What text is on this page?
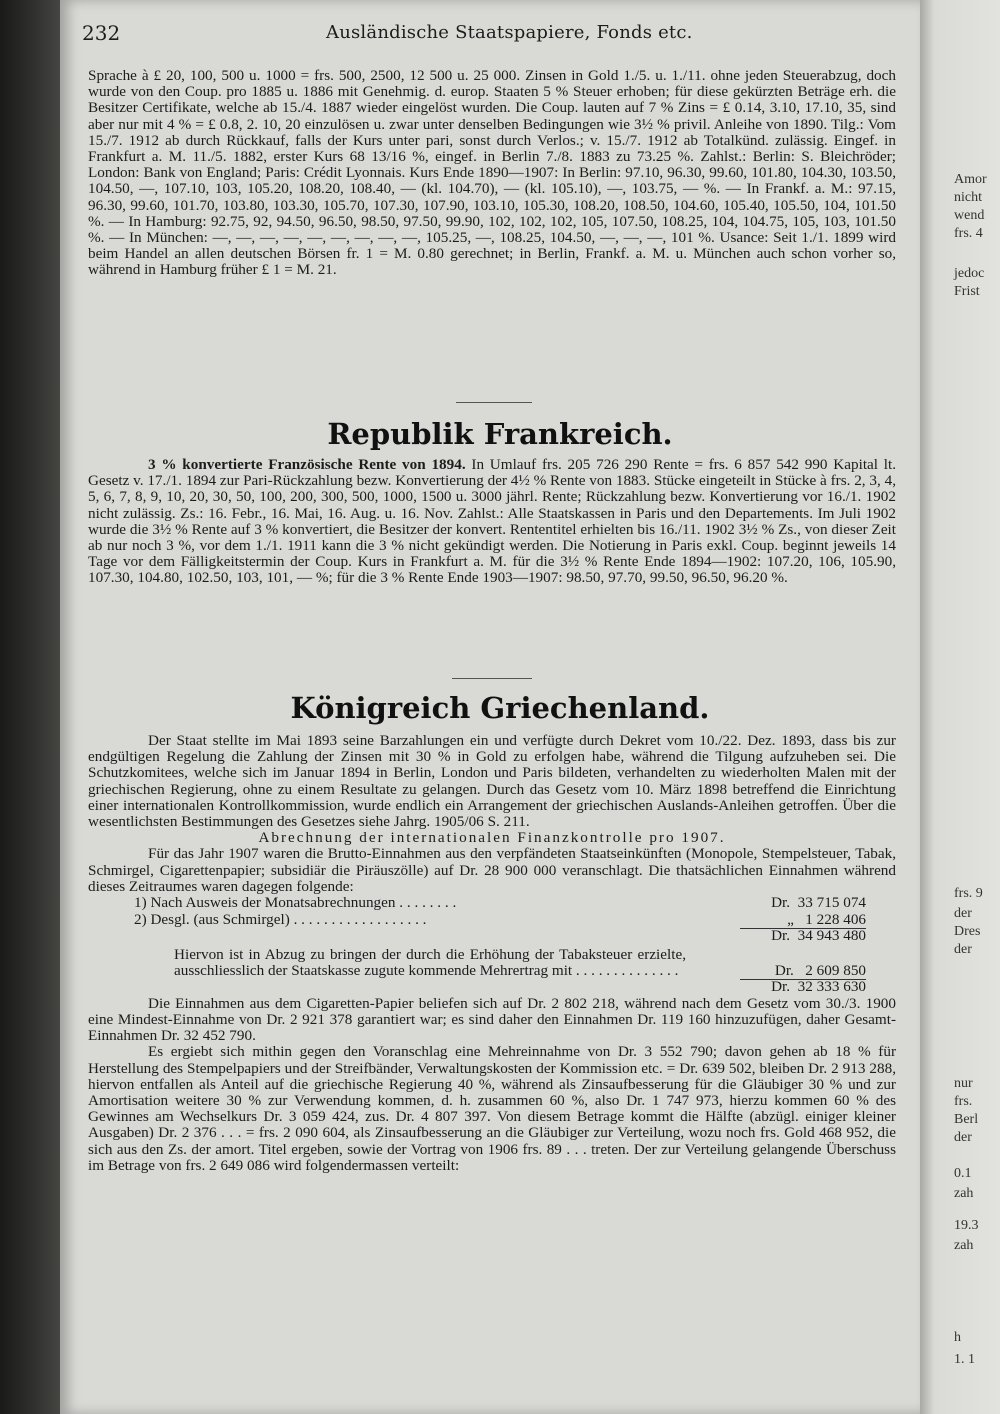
Amor
nicht
wend
frs. 4
jedoc
Frist
frs. 9
der
Dres
der
nur
frs.
Berl
der
0.1
zah
19.3
zah
h
1. 1
232	Ausländische Staatspapiere, Fonds etc.

Sprache à £ 20, 100, 500 u. 1000 = frs. 500, 2500, 12 500 u. 25 000. Zinsen in Gold 1./5. u. 1./11. ohne jeden Steuerabzug, doch wurde von den Coup. pro 1885 u. 1886 mit Genehmig. d. europ. Staaten 5 % Steuer erhoben; für diese gekürzten Beträge erh. die Besitzer Certifikate, welche ab 15./4. 1887 wieder eingelöst wurden. Die Coup. lauten auf 7 % Zins = £ 0.14, 3.10, 17.10, 35, sind aber nur mit 4 % = £ 0.8, 2. 10, 20 einzulösen u. zwar unter denselben Bedingungen wie 3½ % privil. Anleihe von 1890. Tilg.: Vom 15./7. 1912 ab durch Rückkauf, falls der Kurs unter pari, sonst durch Verlos.; v. 15./7. 1912 ab Totalkünd. zulässig. Eingef. in Frankfurt a. M. 11./5. 1882, erster Kurs 68 13/16 %, eingef. in Berlin 7./8. 1883 zu 73.25 %. Zahlst.: Berlin: S. Bleichröder; London: Bank von England; Paris: Crédit Lyonnais. Kurs Ende 1890—1907: In Berlin: 97.10, 96.30, 99.60, 101.80, 104.30, 103.50, 104.50, —, 107.10, 103, 105.20, 108.20, 108.40, — (kl. 104.70), — (kl. 105.10), —, 103.75, — %. — In Frankf. a. M.: 97.15, 96.30, 99.60, 101.70, 103.80, 103.30, 105.70, 107.30, 107.90, 103.10, 105.30, 108.20, 108.50, 104.60, 105.40, 105.50, 104, 101.50 %. — In Hamburg: 92.75, 92, 94.50, 96.50, 98.50, 97.50, 99.90, 102, 102, 102, 105, 107.50, 108.25, 104, 104.75, 105, 103, 101.50 %. — In München: —, —, —, —, —, —, —, —, —, 105.25, —, 108.25, 104.50, —, —, —, 101 %. Usance: Seit 1./1. 1899 wird beim Handel an allen deutschen Börsen fr. 1 = M. 0.80 gerechnet; in Berlin, Frankf. a. M. u. München auch schon vorher so, während in Hamburg früher £ 1 = M. 21.

Republik Frankreich.

3 % konvertierte Französische Rente von 1894. In Umlauf frs. 205 726 290 Rente = frs. 6 857 542 990 Kapital lt. Gesetz v. 17./1. 1894 zur Pari-Rückzahlung bezw. Konvertierung der 4½ % Rente von 1883. Stücke eingeteilt in Stücke à frs. 2, 3, 4, 5, 6, 7, 8, 9, 10, 20, 30, 50, 100, 200, 300, 500, 1000, 1500 u. 3000 jährl. Rente; Rückzahlung bezw. Konvertierung vor 16./1. 1902 nicht zulässig. Zs.: 16. Febr., 16. Mai, 16. Aug. u. 16. Nov. Zahlst.: Alle Staatskassen in Paris und den Departements. Im Juli 1902 wurde die 3½ % Rente auf 3 % konvertiert, die Besitzer der konvert. Rententitel erhielten bis 16./11. 1902 3½ % Zs., von dieser Zeit ab nur noch 3 %, vor dem 1./1. 1911 kann die 3 % nicht gekündigt werden. Die Notierung in Paris exkl. Coup. beginnt jeweils 14 Tage vor dem Fälligkeitstermin der Coup. Kurs in Frankfurt a. M. für die 3½ % Rente Ende 1894—1902: 107.20, 106, 105.90, 107.30, 104.80, 102.50, 103, 101, — %; für die 3 % Rente Ende 1903—1907: 98.50, 97.70, 99.50, 96.50, 96.20 %.

Königreich Griechenland.

Der Staat stellte im Mai 1893 seine Barzahlungen ein und verfügte durch Dekret vom 10./22. Dez. 1893, dass bis zur endgültigen Regelung die Zahlung der Zinsen mit 30 % in Gold zu erfolgen habe, während die Tilgung aufzuheben sei. Die Schutzkomitees, welche sich im Januar 1894 in Berlin, London und Paris bildeten, verhandelten zu wiederholten Malen mit der griechischen Regierung, ohne zu einem Resultate zu gelangen. Durch das Gesetz vom 10. März 1898 betreffend die Einrichtung einer internationalen Kontrollkommission, wurde endlich ein Arrangement der griechischen Auslands-Anleihen getroffen. Über die wesentlichsten Bestimmungen des Gesetzes siehe Jahrg. 1905/06 S. 211.

Abrechnung der internationalen Finanzkontrolle pro 1907.

Für das Jahr 1907 waren die Brutto-Einnahmen aus den verpfändeten Staatseinkünften (Monopole, Stempelsteuer, Tabak, Schmirgel, Cigarettenpapier; subsidiär die Piräuszölle) auf Dr. 28 900 000 veranschlagt. Die thatsächlichen Einnahmen während dieses Zeitraumes waren dagegen folgende:

1) Nach Ausweis der Monatsabrechnungen . . . . . . . .	Dr. 33 715 074
2) Desgl. (aus Schmirgel) . . . . . . . . . . . . . . . . . .	„ 1 228 406
Dr. 34 943 480
Hiervon ist in Abzug zu bringen der durch die Erhöhung der Tabaksteuer erzielte, ausschliesslich der Staatskasse zugute kommende Mehrertrag mit . . . . . . . . . . . . . .	Dr. 2 609 850
Dr. 32 333 630

Die Einnahmen aus dem Cigaretten-Papier beliefen sich auf Dr. 2 802 218, während nach dem Gesetz vom 30./3. 1900 eine Mindest-Einnahme von Dr. 2 921 378 garantiert war; es sind daher den Einnahmen Dr. 119 160 hinzuzufügen, daher Gesamt-Einnahmen Dr. 32 452 790.

Es ergiebt sich mithin gegen den Voranschlag eine Mehreinnahme von Dr. 3 552 790; davon gehen ab 18 % für Herstellung des Stempelpapiers und der Streifbänder, Verwaltungskosten der Kommission etc. = Dr. 639 502, bleiben Dr. 2 913 288, hiervon entfallen als Anteil auf die griechische Regierung 40 %, während als Zinsaufbesserung für die Gläubiger 30 % und zur Amortisation weitere 30 % zur Verwendung kommen, d. h. zusammen 60 %, also Dr. 1 747 973, hierzu kommen 60 % des Gewinnes am Wechselkurs Dr. 3 059 424, zus. Dr. 4 807 397. Von diesem Betrage kommt die Hälfte (abzügl. einiger kleiner Ausgaben) Dr. 2 376 . . . = frs. 2 090 604, als Zinsaufbesserung an die Gläubiger zur Verteilung, wozu noch frs. Gold 468 952, die sich aus den Zs. der amort. Titel ergeben, sowie der Vortrag von 1906 frs. 89 . . . treten. Der zur Verteilung gelangende Überschuss im Betrage von frs. 2 649 086 wird folgendermassen verteilt:
